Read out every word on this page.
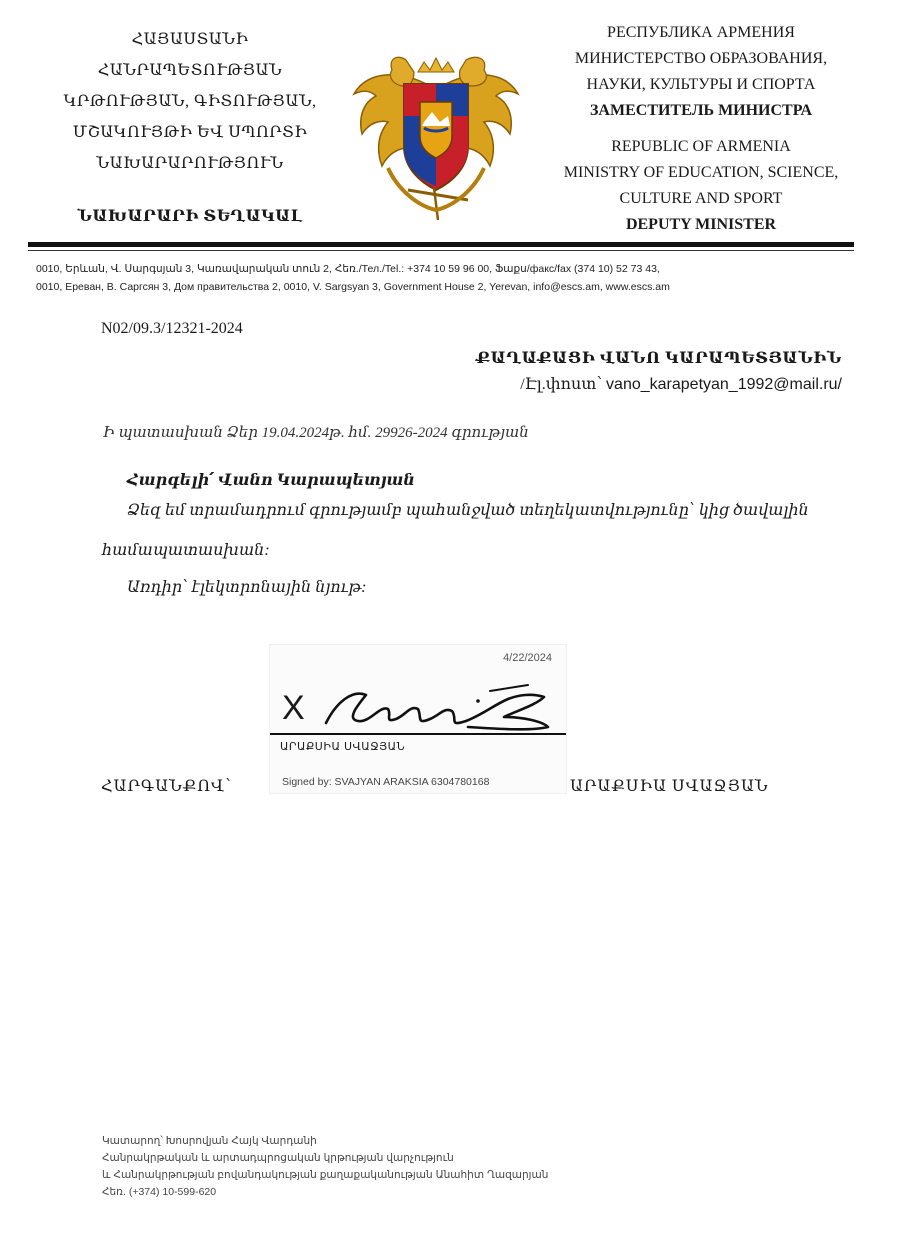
ՀԱՅԱՍՏԱՆԻ
ՀԱՆՐԱՊԵՏՈՒԹՅԱՆ
ԿՐԹՈՒԹՅԱՆ, ԳԻՏՈՒԹՅԱՆ,
ՄՇԱԿՈՒՅԹԻ ԵՎ ՍՊՈՐՏԻ
ՆԱԽԱՐԱՐՈՒԹՅՈՒՆ
ՆԱԽԱՐԱՐԻ ՏԵՂԱԿԱԼ
РЕСПУБЛИКА АРМЕНИЯ
МИНИСТЕРСТВО ОБРАЗОВАНИЯ,
НАУКИ, КУЛЬТУРЫ И СПОРТА
ЗАМЕСТИТЕЛЬ МИНИСТРА
REPUBLIC OF ARMENIA
MINISTRY OF EDUCATION, SCIENCE,
CULTURE AND SPORT
DEPUTY MINISTER
0010, Երևան, Վ. Սարգսյան 3, Կառավարական տուն 2, Հեռ./Тел./Tel.: +374 10 59 96 00, Ֆաքս/факс/fax (374 10) 52 73 43,
0010, Ереван, В. Саргсян 3, Дом правительства 2, 0010, V. Sargsyan 3, Government House 2, Yerevan, info@escs.am, www.escs.am
N02/09.3/12321-2024
ՔԱՂԱՔԱՑԻ ՎԱՆՈ ԿԱՐԱՊԵՏՅԱՆԻՆ
/Էլ.փոստ՝ vano_karapetyan_1992@mail.ru/
Ի պատասխան Ձեր 19.04.2024թ. հմ. 29926-2024 գրության
Հարգելի՛ Վանո Կարապետյան
Ձեզ եմ տրամադրում գրությամբ պահանջված տեղեկատվությունը՝ կից ծավալին
համապատասխան:
Առդիր՝ էլեկտրոնային նյութ:
4/22/2024
X
ԱՐԱՔՍԻԱ ՍՎԱՋՅԱՆ
Signed by: SVAJYAN ARAKSIA 6304780168
ՀԱՐԳԱՆՔՈՎ՝	ԱՐԱՔՍԻԱ ՍՎԱՋՅԱՆ
Կատարող՝ Խոսրովյան Հայկ Վարդանի
Հանրակրթական և արտադպրոցական կրթության վարչություն
և Հանրակրթության բովանդակության քաղաքականության Անահիտ Ղազարյան
Հեռ. (+374) 10-599-620
